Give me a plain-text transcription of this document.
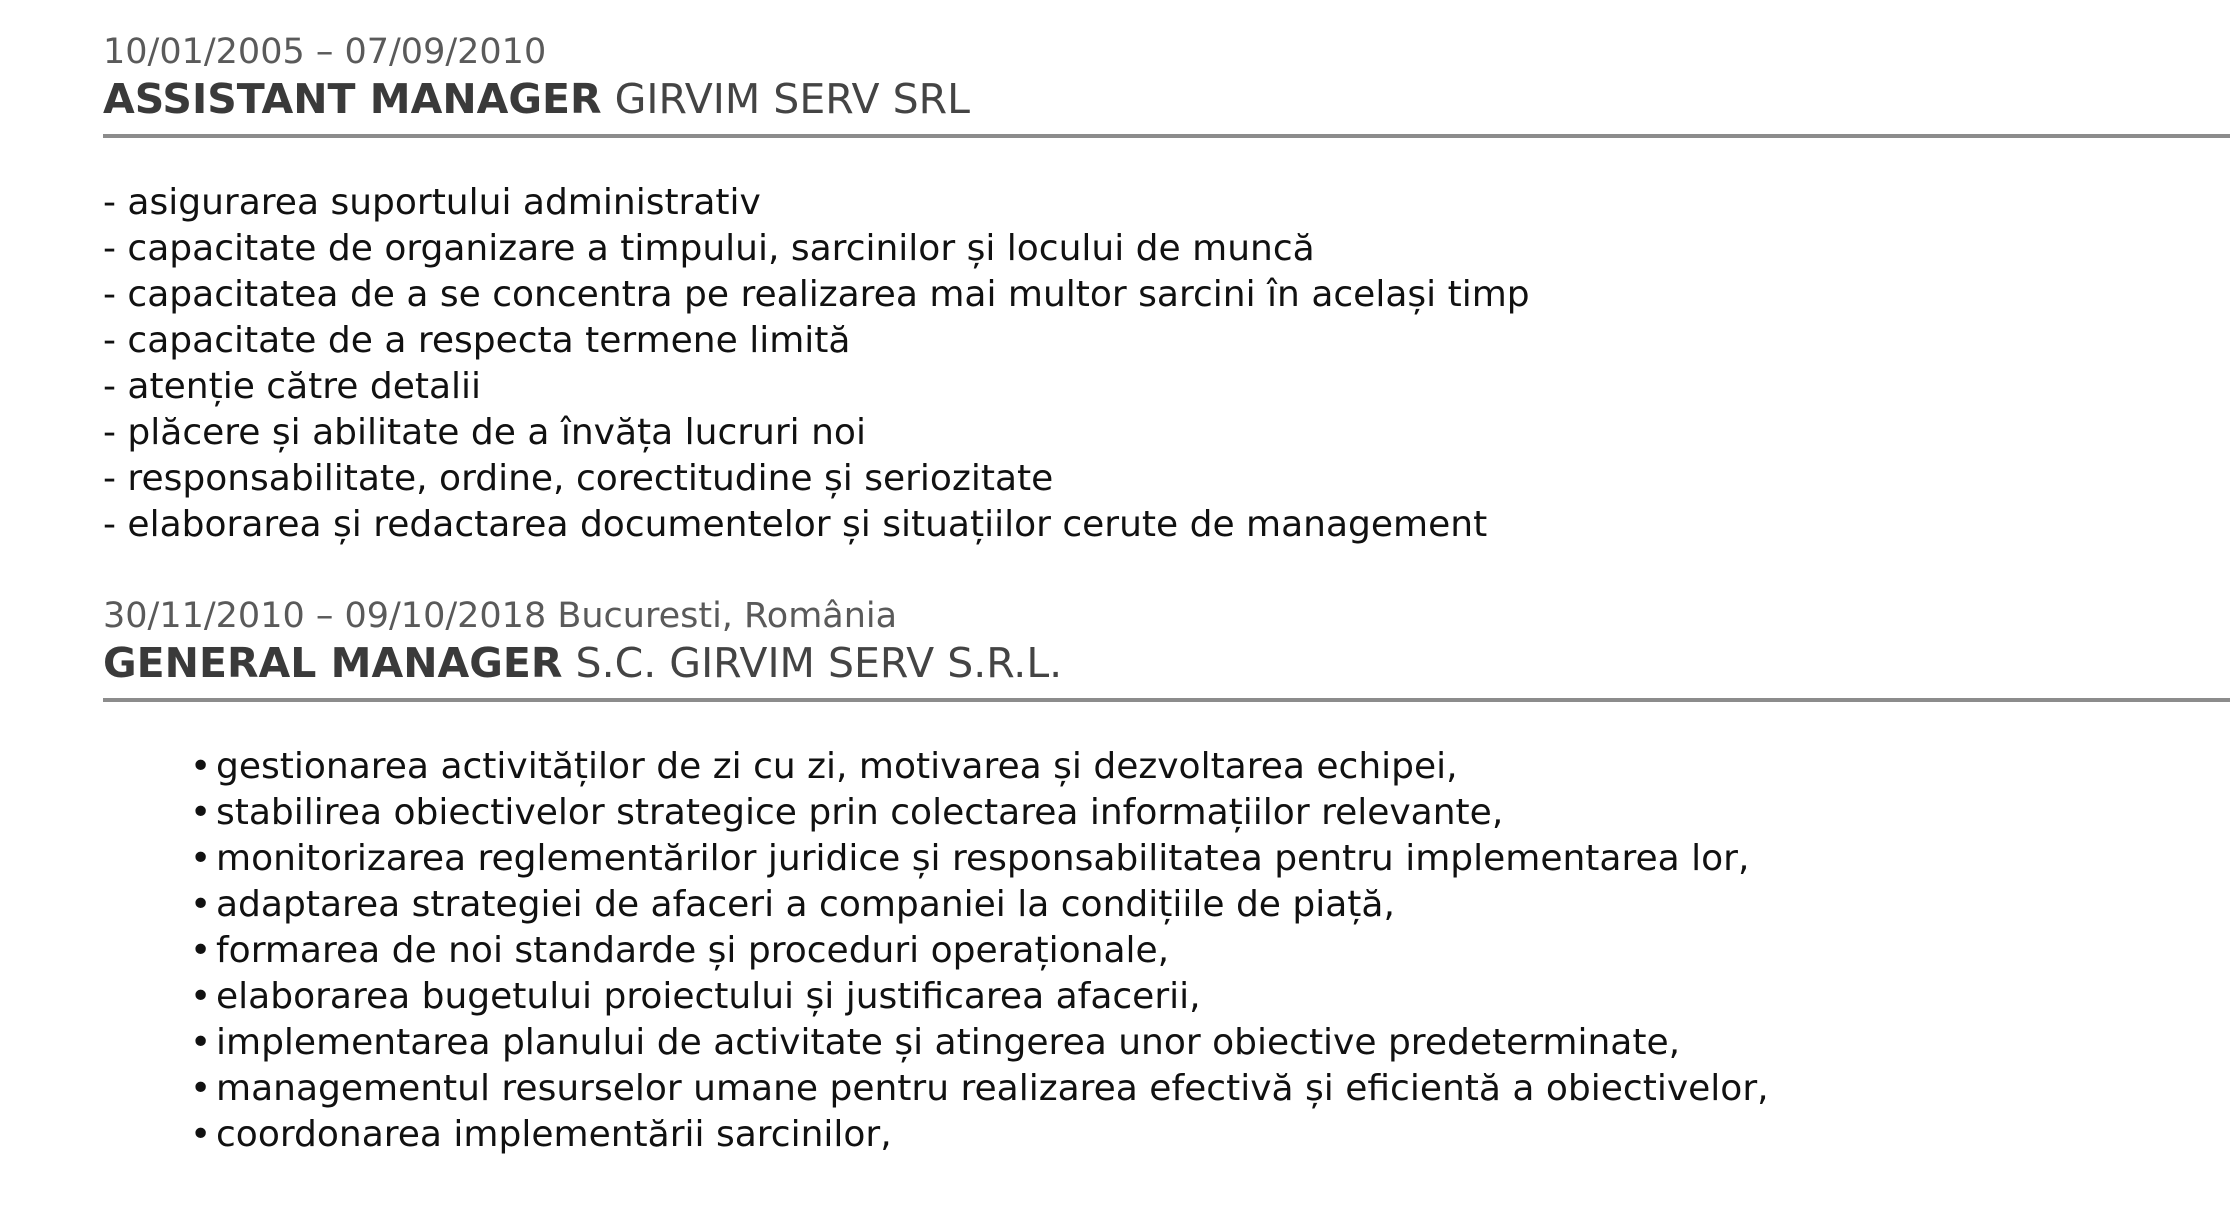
10/01/2005 – 07/09/2010
ASSISTANT MANAGER GIRVIM SERV SRL
- asigurarea suportului administrativ
- capacitate de organizare a timpului, sarcinilor și locului de muncă
- capacitatea de a se concentra pe realizarea mai multor sarcini în același timp
- capacitate de a respecta termene limită
- atenție către detalii
- plăcere și abilitate de a învăța lucruri noi
- responsabilitate, ordine, corectitudine și seriozitate
- elaborarea și redactarea documentelor și situațiilor cerute de management
30/11/2010 – 09/10/2018 Bucuresti, România
GENERAL MANAGER S.C. GIRVIM SERV S.R.L.
• gestionarea activităților de zi cu zi, motivarea și dezvoltarea echipei,
• stabilirea obiectivelor strategice prin colectarea informațiilor relevante,
• monitorizarea reglementărilor juridice și responsabilitatea pentru implementarea lor,
• adaptarea strategiei de afaceri a companiei la condițiile de piață,
• formarea de noi standarde și proceduri operaționale,
• elaborarea bugetului proiectului și justificarea afacerii,
• implementarea planului de activitate și atingerea unor obiective predeterminate,
• managementul resurselor umane pentru realizarea efectivă și eficientă a obiectivelor,
• coordonarea implementării sarcinilor,
